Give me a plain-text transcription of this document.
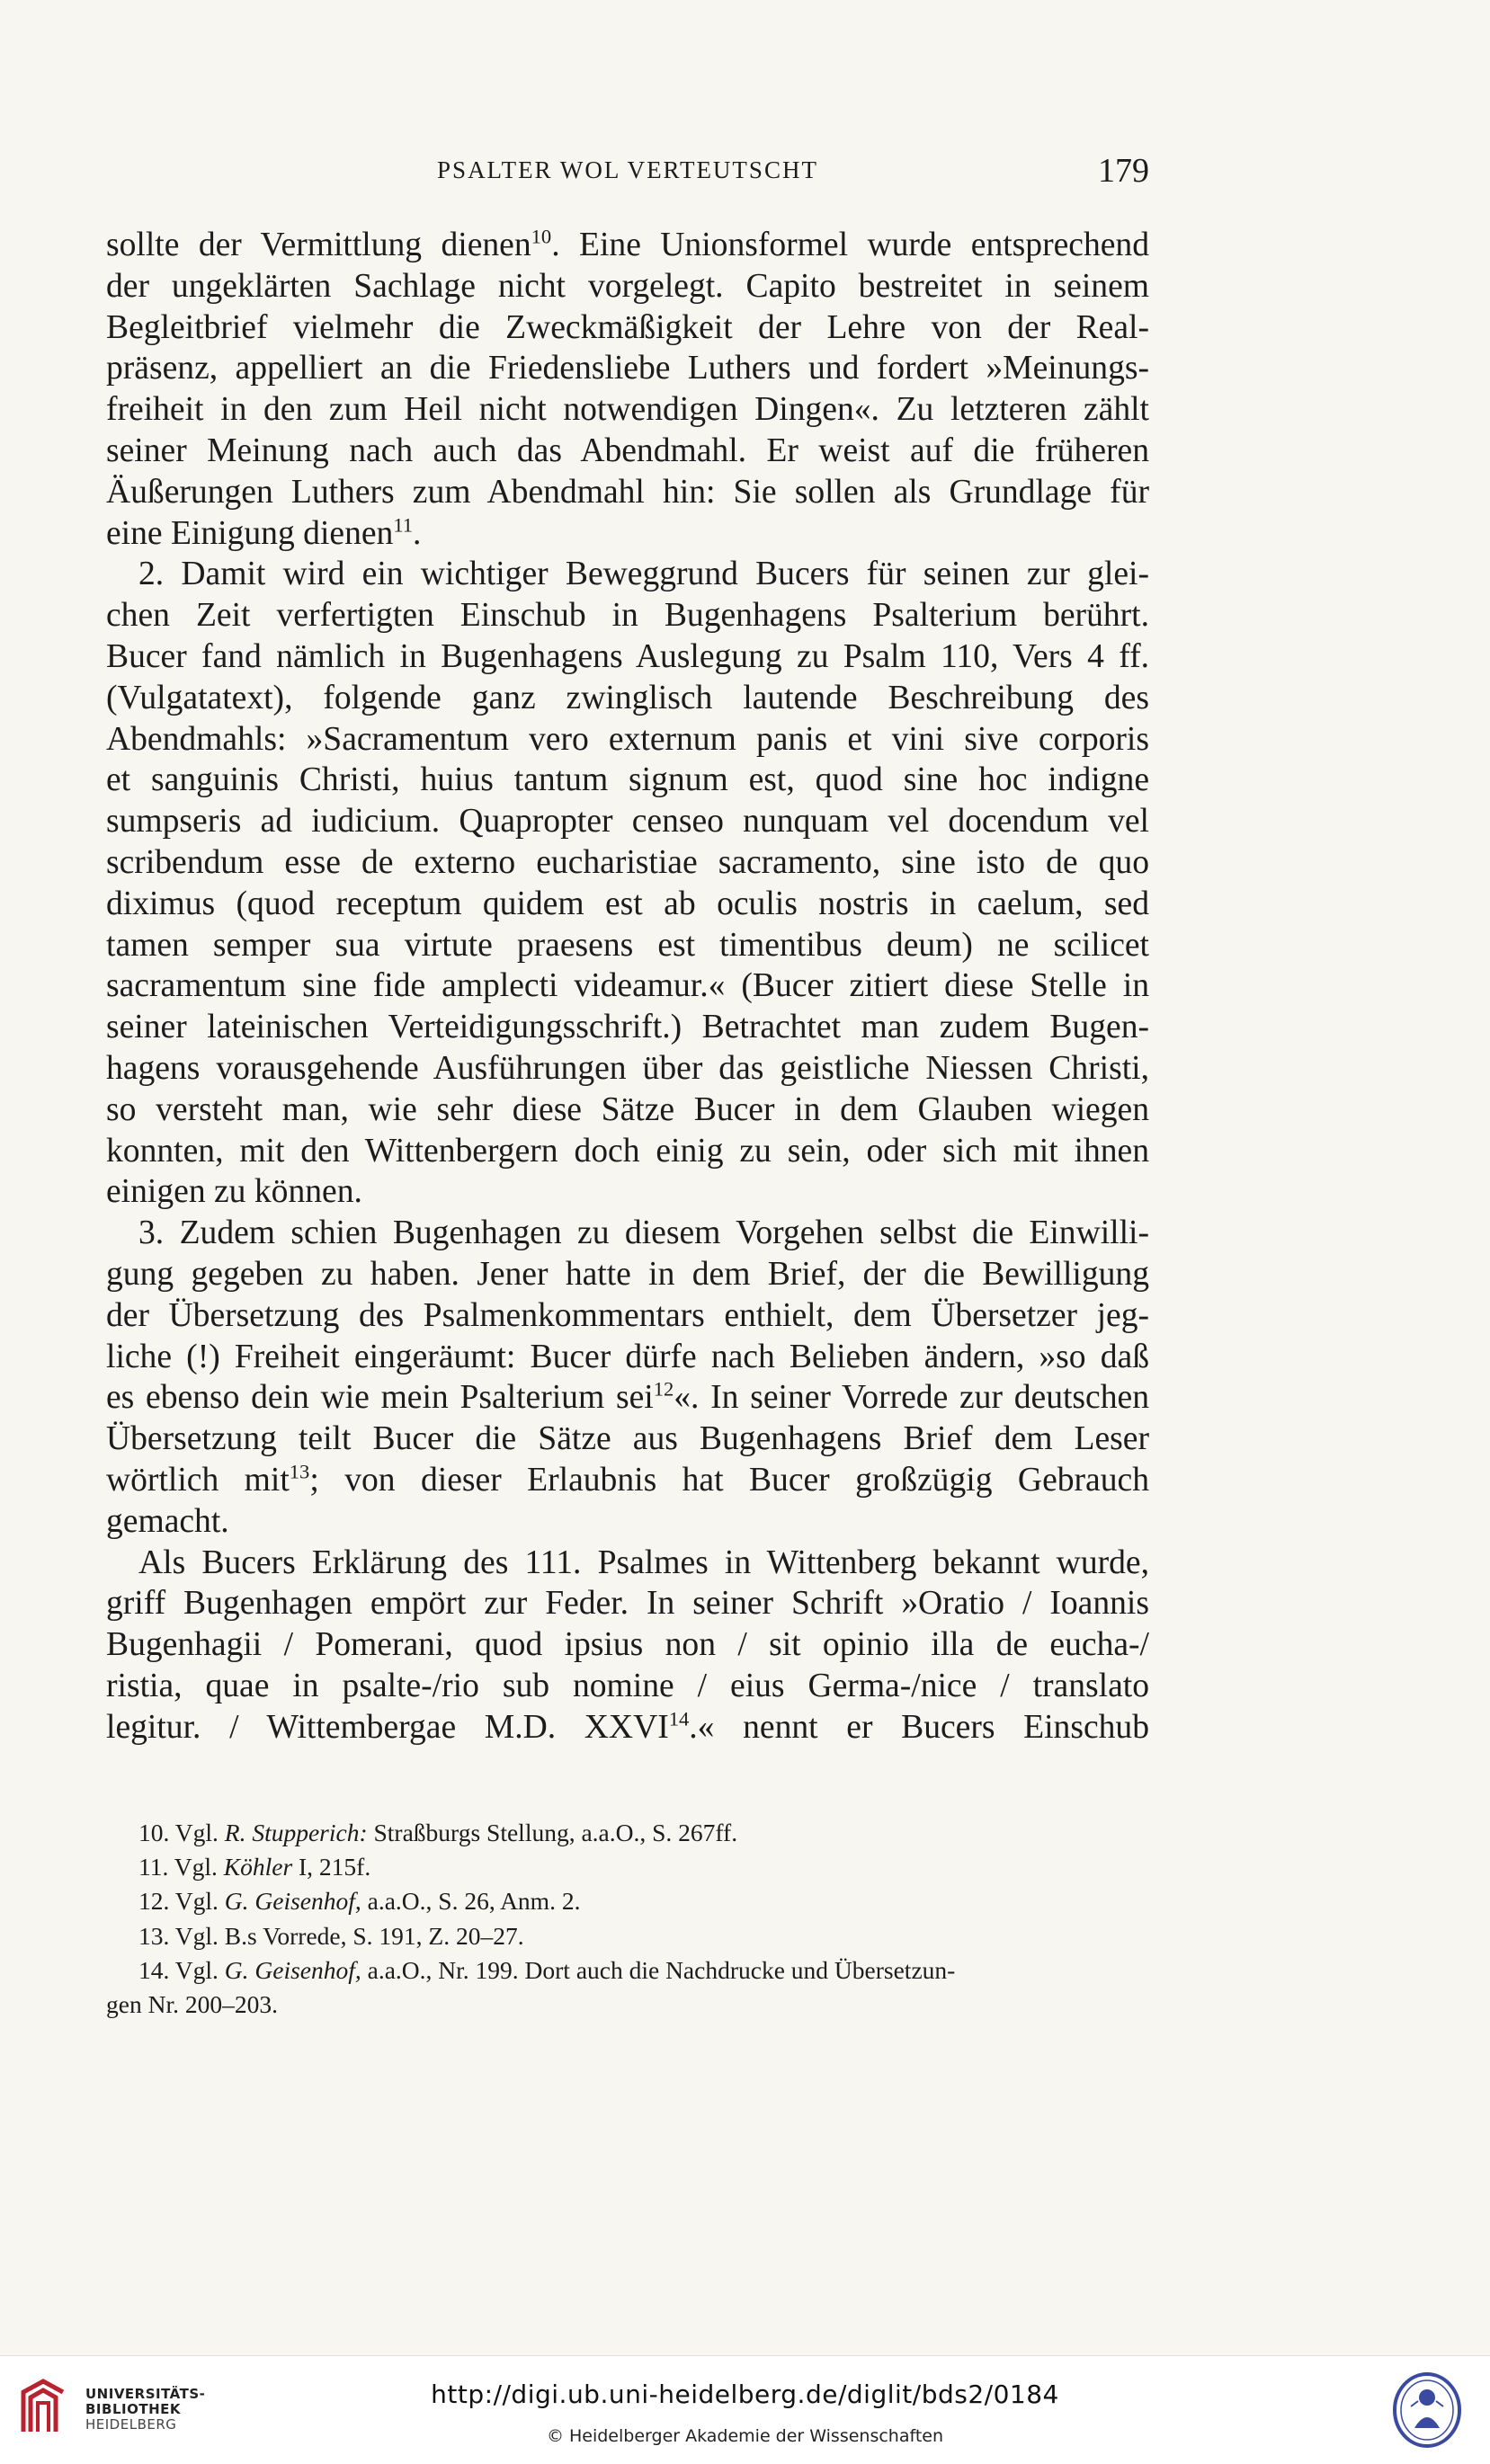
PSALTER WOL VERTEUTSCHT	179
sollte der Vermittlung dienen$^{10}$. Eine Unionsformel wurde entsprechend
der ungeklärten Sachlage nicht vorgelegt. Capito bestreitet in seinem
Begleitbrief vielmehr die Zweckmäßigkeit der Lehre von der Real-
präsenz, appelliert an die Friedensliebe Luthers und fordert »Meinungs-
freiheit in den zum Heil nicht notwendigen Dingen«. Zu letzteren zählt
seiner Meinung nach auch das Abendmahl. Er weist auf die früheren
Äußerungen Luthers zum Abendmahl hin: Sie sollen als Grundlage für
eine Einigung dienen$^{11}$.
2. Damit wird ein wichtiger Beweggrund Bucers für seinen zur glei-
chen Zeit verfertigten Einschub in Bugenhagens Psalterium berührt.
Bucer fand nämlich in Bugenhagens Auslegung zu Psalm 110, Vers 4 ff.
(Vulgatatext), folgende ganz zwinglisch lautende Beschreibung des
Abendmahls: »Sacramentum vero externum panis et vini sive corporis
et sanguinis Christi, huius tantum signum est, quod sine hoc indigne
sumpseris ad iudicium. Quapropter censeo nunquam vel docendum vel
scribendum esse de externo eucharistiae sacramento, sine isto de quo
diximus (quod receptum quidem est ab oculis nostris in caelum, sed
tamen semper sua virtute praesens est timentibus deum) ne scilicet
sacramentum sine fide amplecti videamur.« (Bucer zitiert diese Stelle in
seiner lateinischen Verteidigungsschrift.) Betrachtet man zudem Bugen-
hagens vorausgehende Ausführungen über das geistliche Niessen Christi,
so versteht man, wie sehr diese Sätze Bucer in dem Glauben wiegen
konnten, mit den Wittenbergern doch einig zu sein, oder sich mit ihnen
einigen zu können.
3. Zudem schien Bugenhagen zu diesem Vorgehen selbst die Einwilli-
gung gegeben zu haben. Jener hatte in dem Brief, der die Bewilligung
der Übersetzung des Psalmenkommentars enthielt, dem Übersetzer jeg-
liche (!) Freiheit eingeräumt: Bucer dürfe nach Belieben ändern, »so daß
es ebenso dein wie mein Psalterium sei$^{12}$«. In seiner Vorrede zur deutschen
Übersetzung teilt Bucer die Sätze aus Bugenhagens Brief dem Leser
wörtlich mit$^{13}$; von dieser Erlaubnis hat Bucer großzügig Gebrauch
gemacht.
Als Bucers Erklärung des 111. Psalmes in Wittenberg bekannt wurde,
griff Bugenhagen empört zur Feder. In seiner Schrift »Oratio / Ioannis
Bugenhagii / Pomerani, quod ipsius non / sit opinio illa de eucha-/
ristia, quae in psalte-/rio sub nomine / eius Germa-/nice / translato
legitur. / Wittembergae M.D. XXVI$^{14}$.« nennt er Bucers Einschub
10. Vgl. R. Stupperich: Straßburgs Stellung, a.a.O., S. 267ff.
11. Vgl. Köhler I, 215f.
12. Vgl. G. Geisenhof, a.a.O., S. 26, Anm. 2.
13. Vgl. B.s Vorrede, S. 191, Z. 20–27.
14. Vgl. G. Geisenhof, a.a.O., Nr. 199. Dort auch die Nachdrucke und Übersetzun-
gen Nr. 200–203.
UNIVERSITÄTS-
BIBLIOTHEK
HEIDELBERG
http://digi.ub.uni-heidelberg.de/diglit/bds2/0184
© Heidelberger Akademie der Wissenschaften
